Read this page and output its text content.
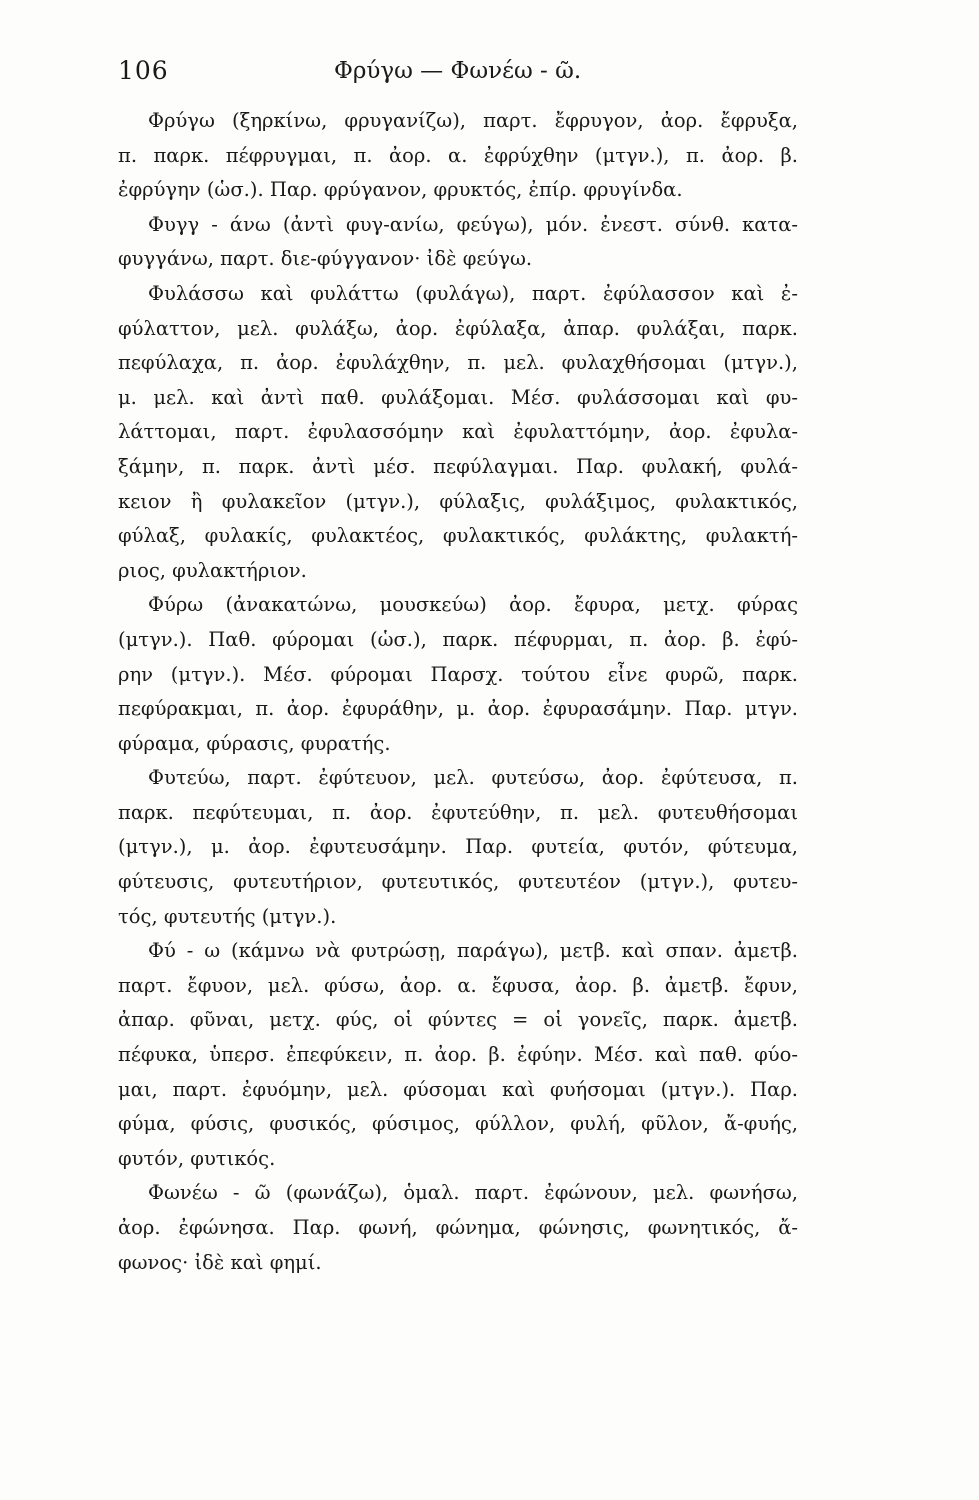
106	Φρύγω — Φωνέω - ῶ.
Φρύγω (ξηρκίνω, φρυγανίζω), παρτ. ἔφρυγον, ἀορ. ἔφρυξα,
π. παρκ. πέφρυγμαι, π. ἀορ. α. ἐφρύχθην (μτγν.), π. ἀορ. β.
ἐφρύγην (ὡσ.). Παρ. φρύγανον, φρυκτός, ἐπίρ. φρυγίνδα.
Φυγγ - άνω (ἀντὶ φυγ-ανίω, φεύγω), μόν. ἐνεστ. σύνθ. κατα-
φυγγάνω, παρτ. διε-φύγγανον· ἰδὲ φεύγω.
Φυλάσσω καὶ φυλάττω (φυλάγω), παρτ. ἐφύλασσον καὶ ἐ-
φύλαττον, μελ. φυλάξω, ἀορ. ἐφύλαξα, ἀπαρ. φυλάξαι, παρκ.
πεφύλαχα, π. ἀορ. ἐφυλάχθην, π. μελ. φυλαχθήσομαι (μτγν.),
μ. μελ. καὶ ἀντὶ παθ. φυλάξομαι. Μέσ. φυλάσσομαι καὶ φυ-
λάττομαι, παρτ. ἐφυλασσόμην καὶ ἐφυλαττόμην, ἀορ. ἐφυλα-
ξάμην, π. παρκ. ἀντὶ μέσ. πεφύλαγμαι. Παρ. φυλακή, φυλά-
κειον ἢ φυλακεῖον (μτγν.), φύλαξις, φυλάξιμος, φυλακτικός,
φύλαξ, φυλακίς, φυλακτέος, φυλακτικός, φυλάκτης, φυλακτή-
ριος, φυλακτήριον.
Φύρω (ἀνακατώνω, μουσκεύω) ἀορ. ἔφυρα, μετχ. φύρας
(μτγν.). Παθ. φύρομαι (ὡσ.), παρκ. πέφυρμαι, π. ἀορ. β. ἐφύ-
ρην (μτγν.). Μέσ. φύρομαι Παρσχ. τούτου εἶνε φυρῶ, παρκ.
πεφύρακμαι, π. ἀορ. ἐφυράθην, μ. ἀορ. ἐφυρασάμην. Παρ. μτγν.
φύραμα, φύρασις, φυρατής.
Φυτεύω, παρτ. ἐφύτευον, μελ. φυτεύσω, ἀορ. ἐφύτευσα, π.
παρκ. πεφύτευμαι, π. ἀορ. ἐφυτεύθην, π. μελ. φυτευθήσομαι
(μτγν.), μ. ἀορ. ἐφυτευσάμην. Παρ. φυτεία, φυτόν, φύτευμα,
φύτευσις, φυτευτήριον, φυτευτικός, φυτευτέον (μτγν.), φυτευ-
τός, φυτευτής (μτγν.).
Φύ - ω (κάμνω νὰ φυτρώσῃ, παράγω), μετβ. καὶ σπαν. ἀμετβ.
παρτ. ἔφυον, μελ. φύσω, ἀορ. α. ἔφυσα, ἀορ. β. ἀμετβ. ἔφυν,
ἀπαρ. φῦναι, μετχ. φύς, οἱ φύντες = οἱ γονεῖς, παρκ. ἀμετβ.
πέφυκα, ὑπερσ. ἐπεφύκειν, π. ἀορ. β. ἐφύην. Μέσ. καὶ παθ. φύο-
μαι, παρτ. ἐφυόμην, μελ. φύσομαι καὶ φυήσομαι (μτγν.). Παρ.
φύμα, φύσις, φυσικός, φύσιμος, φύλλον, φυλή, φῦλον, ἄ-φυής,
φυτόν, φυτικός.
Φωνέω - ῶ (φωνάζω), ὁμαλ. παρτ. ἐφώνουν, μελ. φωνήσω,
ἀορ. ἐφώνησα. Παρ. φωνή, φώνημα, φώνησις, φωνητικός, ἄ-
φωνος· ἰδὲ καὶ φημί.
